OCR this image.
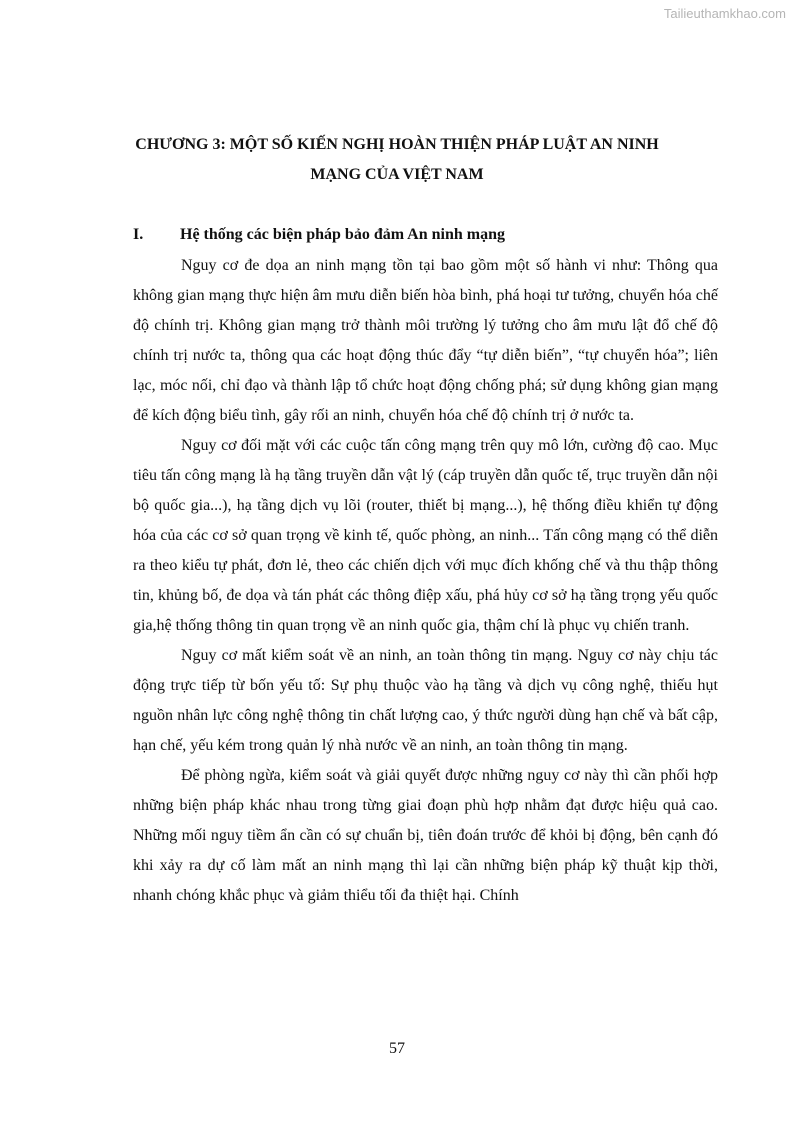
Tailieuthamkhao.com
CHƯƠNG 3: MỘT SỐ KIẾN NGHỊ HOÀN THIỆN PHÁP LUẬT AN NINH
MẠNG CỦA VIỆT NAM
I. Hệ thống các biện pháp bảo đảm An ninh mạng

Nguy cơ đe dọa an ninh mạng tồn tại bao gồm một số hành vi như: Thông qua không gian mạng thực hiện âm mưu diễn biến hòa bình, phá hoại tư tưởng, chuyển hóa chế độ chính trị. Không gian mạng trở thành môi trường lý tưởng cho âm mưu lật đổ chế độ chính trị nước ta, thông qua các hoạt động thúc đẩy “tự diễn biến”, “tự chuyển hóa”; liên lạc, móc nối, chỉ đạo và thành lập tổ chức hoạt động chống phá; sử dụng không gian mạng để kích động biểu tình, gây rối an ninh, chuyển hóa chế độ chính trị ở nước ta.

Nguy cơ đối mặt với các cuộc tấn công mạng trên quy mô lớn, cường độ cao. Mục tiêu tấn công mạng là hạ tầng truyền dẫn vật lý (cáp truyền dẫn quốc tế, trục truyền dẫn nội bộ quốc gia...), hạ tầng dịch vụ lõi (router, thiết bị mạng...), hệ thống điều khiển tự động hóa của các cơ sở quan trọng về kinh tế, quốc phòng, an ninh... Tấn công mạng có thể diễn ra theo kiểu tự phát, đơn lẻ, theo các chiến dịch với mục đích khống chế và thu thập thông tin, khủng bố, đe dọa và tán phát các thông điệp xấu, phá hủy cơ sở hạ tầng trọng yếu quốc gia,hệ thống thông tin quan trọng về an ninh quốc gia, thậm chí là phục vụ chiến tranh.

Nguy cơ mất kiểm soát về an ninh, an toàn thông tin mạng. Nguy cơ này chịu tác động trực tiếp từ bốn yếu tố: Sự phụ thuộc vào hạ tầng và dịch vụ công nghệ, thiếu hụt nguồn nhân lực công nghệ thông tin chất lượng cao, ý thức người dùng hạn chế và bất cập, hạn chế, yếu kém trong quản lý nhà nước về an ninh, an toàn thông tin mạng.

Để phòng ngừa, kiểm soát và giải quyết được những nguy cơ này thì cần phối hợp những biện pháp khác nhau trong từng giai đoạn phù hợp nhằm đạt được hiệu quả cao. Những mối nguy tiềm ẩn cần có sự chuẩn bị, tiên đoán trước để khỏi bị động, bên cạnh đó khi xảy ra dự cố làm mất an ninh mạng thì lại cần những biện pháp kỹ thuật kịp thời, nhanh chóng khắc phục và giảm thiểu tối đa thiệt hại. Chính

57
